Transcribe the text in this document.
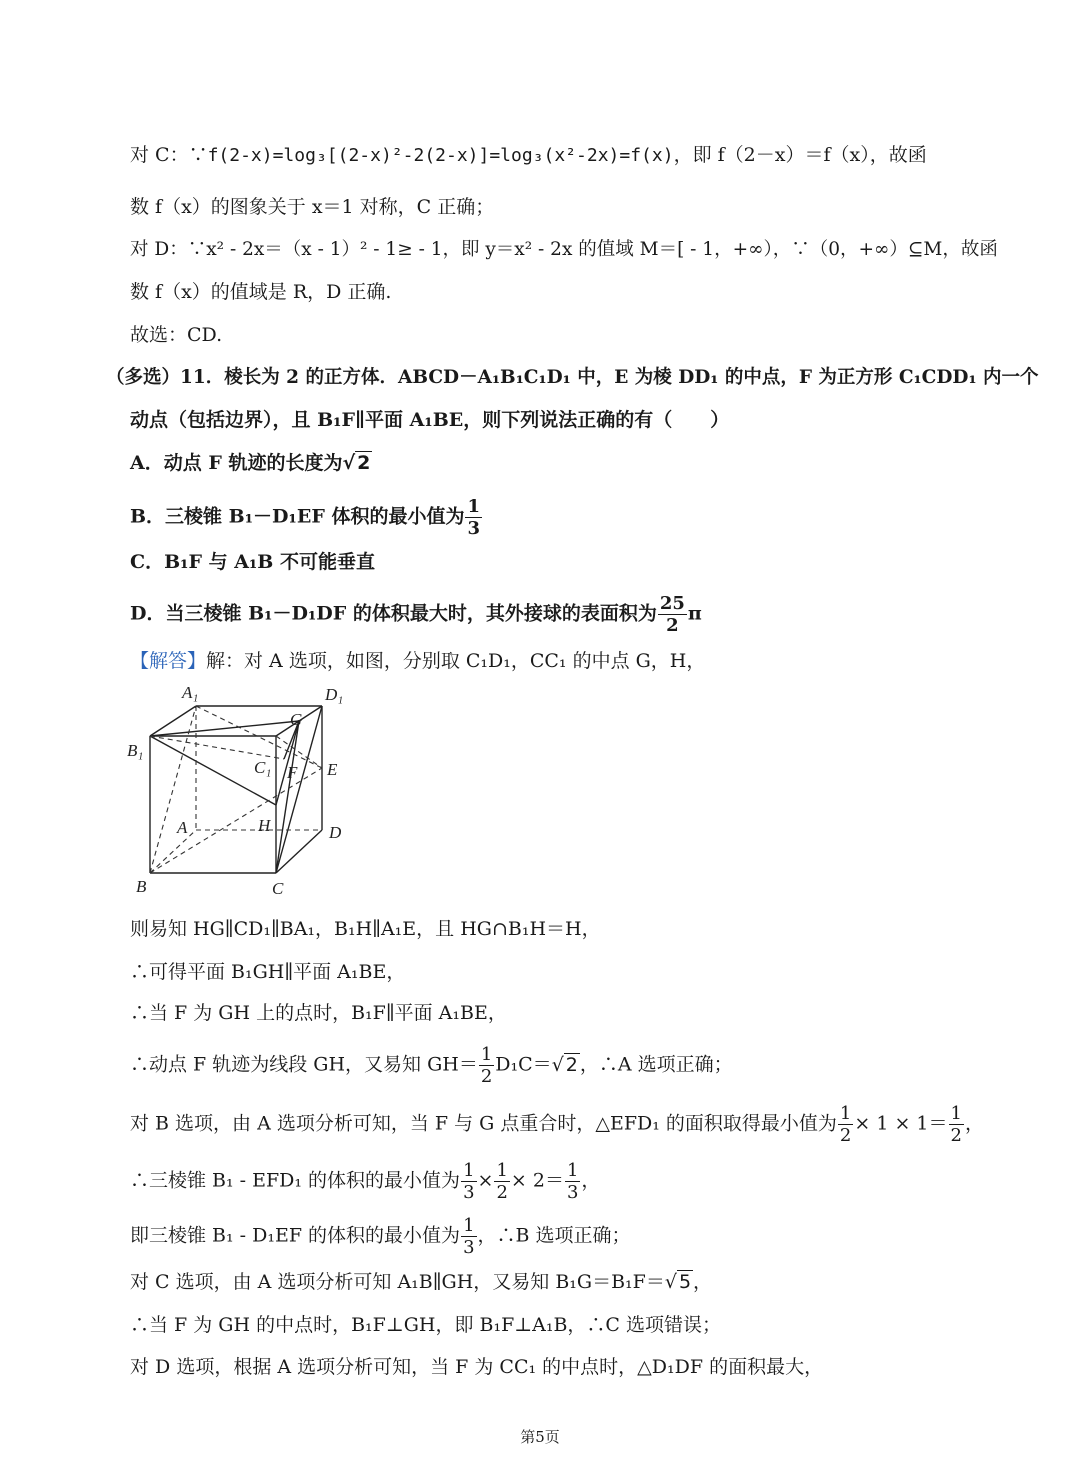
对 C：∵f(2-x)=log₃[(2-x)²-2(2-x)]=log₃(x²-2x)=f(x)，即 f（2－x）＝f（x），故函
数 f（x）的图象关于 x＝1 对称，C 正确；
对 D：∵x² - 2x＝（x - 1）² - 1≥ - 1，即 y＝x² - 2x 的值域 M＝[ - 1，+∞），∵（0，+∞）⊆M，故函
数 f（x）的值域是 R，D 正确.
故选：CD.
（多选）11．棱长为 2 的正方体．ABCD－A₁B₁C₁D₁ 中，E 为棱 DD₁ 的中点，F 为正方形 C₁CDD₁ 内一个
动点（包括边界），且 B₁F∥平面 A₁BE，则下列说法正确的有（　　）
A．动点 F 轨迹的长度为√ 2
B．三棱锥 B₁－D₁EF 体积的最小值为 $\frac{1}{3}$
C．B₁F 与 A₁B 不可能垂直
D．当三棱锥 B₁－D₁DF 的体积最大时，其外接球的表面积为 $\frac{25}{2}$ π
【解答】解：对 A 选项，如图，分别取 C₁D₁，CC₁ 的中点 G，H，
A₁	D₁
G
B₁
C₁ F E
A	H	D
B	C
则易知 HG∥CD₁∥BA₁，B₁H∥A₁E，且 HG∩B₁H＝H，
∴可得平面 B₁GH∥平面 A₁BE，
∴当 F 为 GH 上的点时，B₁F∥平面 A₁BE，
∴动点 F 轨迹为线段 GH，又易知 $GH= \frac{1}{2} D_1C=√$ 2 ，∴A 选项正确；
对 B 选项，由 A 选项分析可知，当 F 与 G 点重合时，△EFD₁ 的面积取得最小值为 $\frac{1}{2} \times 1 \times 1= \frac{1}{2}$ ，
∴三棱锥 B₁ - EFD₁ 的体积的最小值为 $\frac{1}{3} \times \frac{1}{2} \times 2= \frac{1}{3}$ ，
即三棱锥 B₁ - D₁EF 的体积的最小值为 $\frac{1}{3}$ ，∴B 选项正确；
对 C 选项，由 A 选项分析可知 A₁B∥GH，又易知 B₁G＝B₁F＝√ 5 ，
∴当 F 为 GH 的中点时，B₁F⊥GH，即 B₁F⊥A₁B，∴C 选项错误；
对 D 选项，根据 A 选项分析可知，当 F 为 CC₁ 的中点时，△D₁DF 的面积最大，
第5页
